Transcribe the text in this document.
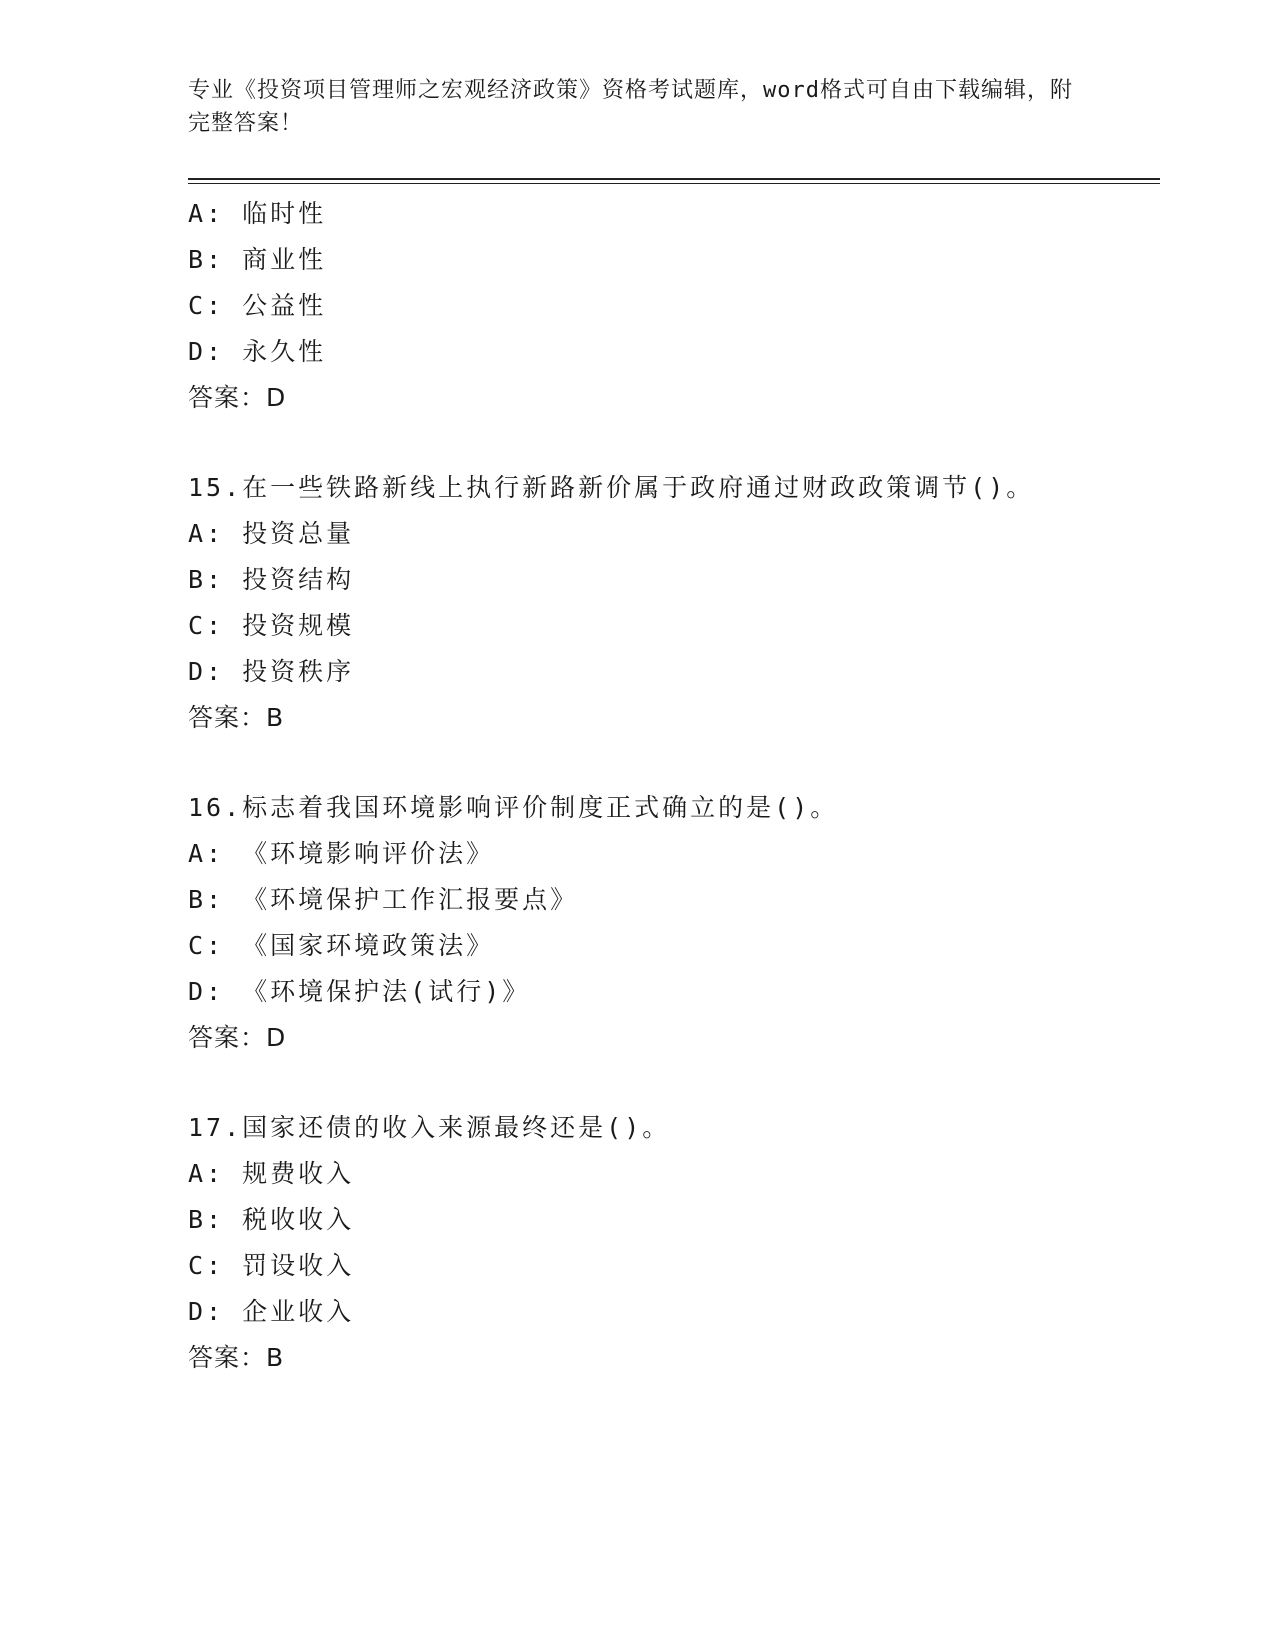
专业《投资项目管理师之宏观经济政策》资格考试题库，word格式可自由下载编辑，附完整答案！
A: 临时性
B: 商业性
C: 公益性
D: 永久性
答案：D
15.在一些铁路新线上执行新路新价属于政府通过财政政策调节()。
A: 投资总量
B: 投资结构
C: 投资规模
D: 投资秩序
答案：B
16.标志着我国环境影响评价制度正式确立的是()。
A: 《环境影响评价法》
B: 《环境保护工作汇报要点》
C: 《国家环境政策法》
D: 《环境保护法(试行)》
答案：D
17.国家还债的收入来源最终还是()。
A: 规费收入
B: 税收收入
C: 罚设收入
D: 企业收入
答案：B
